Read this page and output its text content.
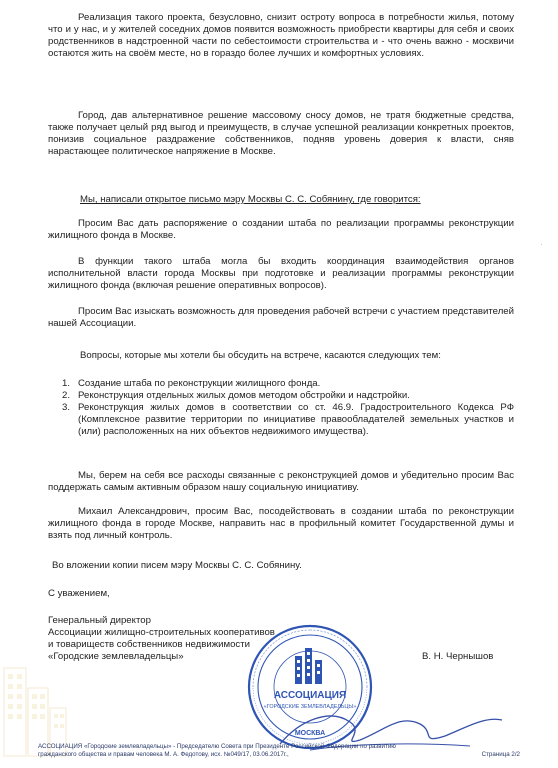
Реализация такого проекта, безусловно, снизит остроту вопроса в потребности жилья, потому что и у нас, и у жителей соседних домов появится возможность приобрести квартиры для себя и своих родственников в надстроенной части по себестоимости строительства и - что очень важно - москвичи остаются жить на своём месте, но в гораздо более лучших и комфортных условиях.

Город, дав альтернативное решение массовому сносу домов, не тратя бюджетные средства, также получает целый ряд выгод и преимуществ, в случае успешной реализации конкретных проектов, понизив социальное раздражение собственников, подняв уровень доверия к власти, сняв нарастающее политическое напряжение в Москве.

Мы, написали открытое письмо мэру Москвы С. С. Собянину, где говорится:

Просим Вас дать распоряжение о создании штаба по реализации программы реконструкции жилищного фонда в Москве.

В функции такого штаба могла бы входить координация взаимодействия органов исполнительной власти города Москвы при подготовке и реализации программы реконструкции жилищного фонда (включая решение оперативных вопросов).

Просим Вас изыскать возможность для проведения рабочей встречи с участием представителей нашей Ассоциации.

Вопросы, которые мы хотели бы обсудить на встрече, касаются следующих тем:

1. Создание штаба по реконструкции жилищного фонда.
2. Реконструкция отдельных жилых домов методом обстройки и надстройки.
3. Реконструкция жилых домов в соответствии со ст. 46.9. Градостроительного Кодекса РФ (Комплексное развитие территории по инициативе правообладателей земельных участков и (или) расположенных на них объектов недвижимого имущества).

Мы, берем на себя все расходы связанные с реконструкцией домов и убедительно просим Вас поддержать самым активным образом нашу социальную инициативу.

Михаил Александрович, просим Вас, посодействовать в создании штаба по реконструкции жилищного фонда в городе Москве, направить нас в профильный комитет Государственной думы и взять под личный контроль.

Во вложении копии писем мэру Москвы С. С. Собянину.

С уважением,

Генеральный директор
Ассоциации жилищно-строительных кооперативов
и товариществ собственников недвижимости
«Городские землевладельцы»	В. Н. Чернышов
АССОЦИАЦИЯ
«ГОРОДСКИЕ ЗЕМЛЕВЛАДЕЛЬЦЫ»
МОСКВА
·
АССОЦИАЦИЯ «Городские землевладельцы» - Председателю Совета при Президенте Российской Федерации по развитию
гражданского общества и правам человека М. А. Федотову, исх. №049/17, 03.06.2017г.,	Страница 2/2
